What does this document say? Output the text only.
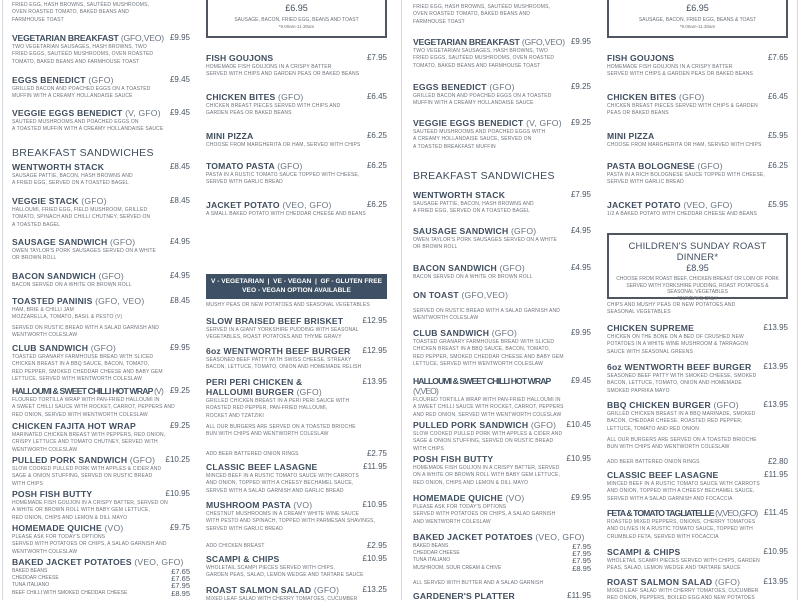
FRIED EGG, HASH BROWNS, SAUTÉED MUSHROOMS,
OVEN ROASTED TOMATO, BAKED BEANS AND
FARMHOUSE TOAST
VEGETARIAN BREAKFAST (GFO,VEO) £9.95
TWO VEGETARIAN SAUSAGES, HASH BROWNS, TWO
FRIED EGGS, SAUTÉED MUSHROOMS, OVEN ROASTED
TOMATO, BAKED BEANS AND FARMHOUSE TOAST
EGGS BENEDICT (GFO)	£9.45
GRILLED BACON AND POACHED EGGS ON A TOASTED
MUFFIN WITH A CREAMY HOLLANDAISE SAUCE
VEGGIE EGGS BENEDICT (V, GFO)	£9.45
SAUTÉED MUSHROOMS AND POACHED EGGS ON
A TOASTED MUFFIN WITH A CREAMY HOLLANDAISE SAUCE
BREAKFAST SANDWICHES
WENTWORTH STACK	£8.45
SAUSAGE PATTIE, BACON, HASH BROWNS AND
A FRIED EGG, SERVED ON A TOASTED BAGEL
VEGGIE STACK (GFO)	£8.45
HALLOUMI, FRIED EGG, FIELD MUSHROOM, GRILLED
TOMATO, SPINACH AND CHILLI CHUTNEY, SERVED ON
A TOASTED BAGEL
SAUSAGE SANDWICH (GFO)	£4.95
OWEN TAYLOR'S PORK SAUSAGES SERVED ON A WHITE
OR BROWN ROLL
BACON SANDWICH (GFO)	£4.95
BACON SERVED ON A WHITE OR BROWN ROLL
TOASTED PANINIS (GFO, VEO)	£8.45
HAM, BRIE & CHILLI JAM
MOZZARELLA, TOMATO, BASIL & PESTO (V)
SERVED ON RUSTIC BREAD WITH A SALAD GARNISH AND
WENTWORTH COLESLAW
CLUB SANDWICH (GFO)	£9.95
TOASTED GRANARY FARMHOUSE BREAD WITH SLICED
CHICKEN BREAST IN A BBQ SAUCE, BACON, TOMATO,
RED PEPPER, SMOKED CHEDDAR CHEESE AND BABY GEM
LETTUCE, SERVED WITH WENTWORTH COLESLAW
HALLOUMI & SWEET CHILLI HOT WRAP (V) £9.25
FLOURED TORTILLA WRAP WITH PAN-FRIED HALLOUMI IN
A SWEET CHILLI SAUCE WITH ROCKET, CARROT, PEPPERS AND
RED ONION, SERVED WITH WENTWORTH COLESLAW
CHICKEN FAJITA HOT WRAP	£9.25
MARINATED CHICKEN BREAST WITH PEPPERS, RED ONION,
CRISPY LETTUCE AND TOMATO CHUTNEY, SERVED WITH
WENTWORTH COLESLAW
PULLED PORK SANDWICH (GFO)	£10.25
SLOW COOKED PULLED PORK WITH APPLES & CIDER AND
SAGE & ONION STUFFING, SERVED ON RUSTIC BREAD
WITH CHIPS
POSH FISH BUTTY	£10.95
HOMEMADE FISH GOUJON IN A CRISPY BATTER, SERVED ON
A WHITE OR BROWN ROLL WITH BABY GEM LETTUCE,
RED ONION, CHIPS AND LEMON & DILL MAYO
HOMEMADE QUICHE (VO)	£9.75
PLEASE ASK FOR TODAY'S OPTIONS
SERVED WITH POTATOES OR CHIPS, A SALAD GARNISH AND
WENTWORTH COLESLAW
BAKED JACKET POTATOES (VEO, GFO)
BAKED BEANS	£7.65
CHEDDAR CHEESE	£7.65
TUNA ITALIANO	£7.95
BEEF CHILLI WITH SMOKED CHEDDAR CHEESE	£8.95
£6.95
SAUSAGE, BACON, FRIED EGG, BEANS AND TOAST
*9.00am-11.30am
V - VEGETARIAN  |  VE - VEGAN  |  GF - GLUTEN FREE
VEO - VEGAN OPTION AVAILABLE
FISH GOUJONS	£7.95
HOMEMADE FISH GOUJONS IN A CRISPY BATTER
SERVED WITH CHIPS AND GARDEN PEAS OR BAKED BEANS
CHICKEN BITES (GFO)	£6.45
CHICKEN BREAST PIECES SERVED WITH CHIPS AND
GARDEN PEAS OR BAKED BEANS
MINI PIZZA	£6.25
CHOOSE FROM MARGHERITA OR HAM, SERVED WITH CHIPS
TOMATO PASTA (GFO)	£6.25
PASTA IN A RUSTIC TOMATO SAUCE TOPPED WITH CHEESE,
SERVED WITH GARLIC BREAD
JACKET POTATO (VEO, GFO)	£6.25
A SMALL BAKED POTATO WITH CHEDDAR CHEESE AND BEANS
MUSHY PEAS OR NEW POTATOES AND SEASONAL VEGETABLES
SLOW BRAISED BEEF BRISKET	£12.95
SERVED IN A GIANT YORKSHIRE PUDDING WITH SEASONAL
VEGETABLES, ROAST POTATOES AND THYME GRAVY
6oz WENTWORTH BEEF BURGER	£12.95
SEASONED BEEF PATTY WITH SWISS CHEESE, STREAKY
BACON, LETTUCE, TOMATO, ONION AND HOMEMADE RELISH
PERI PERI CHICKEN & HALLOUMI BURGER (GFO)
£13.95
GRILLED CHICKEN BREAST IN A PERI PERI SAUCE WITH
ROASTED RED PEPPER, PAN-FRIED HALLOUMI,
ROCKET AND TZATZIKI
ALL OUR BURGERS ARE SERVED ON A TOASTED BRIOCHE
BUN WITH CHIPS AND WENTWORTH COLESLAW
ADD BEER BATTERED ONION RINGS	£2.75
CLASSIC BEEF LASAGNE	£11.95
MINCED BEEF IN A RUSTIC TOMATO SAUCE WITH CARROTS
AND ONION, TOPPED WITH A CHEESY BECHAMEL SAUCE,
SERVED WITH A SALAD GARNISH AND GARLIC BREAD
MUSHROOM PASTA (VO)	£10.95
CHESTNUT MUSHROOMS IN A CREAMY WHITE WINE SAUCE
WITH PESTO AND SPINACH, TOPPED WITH PARMESAN SHAVINGS,
SERVED WITH GARLIC BREAD
ADD CHICKEN BREAST	£2.95
SCAMPI & CHIPS	£10.95
WHOLETAIL SCAMPI PIECES SERVED WITH CHIPS,
GARDEN PEAS, SALAD, LEMON WEDGE AND TARTARE SAUCE
ROAST SALMON SALAD (GFO)	£13.25
MIXED LEAF SALAD WITH CHERRY TOMATOES, CUCUMBER
FRIED EGG, HASH BROWNS, SAUTÉED MUSHROOMS,
OVEN ROASTED TOMATO, BAKED BEANS AND
FARMHOUSE TOAST
VEGETARIAN BREAKFAST (GFO,VEO) £9.95
TWO VEGETARIAN SAUSAGES, HASH BROWNS, TWO
FRIED EGGS, SAUTÉED MUSHROOMS, OVEN ROASTED
TOMATO, BAKED BEANS AND FARMHOUSE TOAST
EGGS BENEDICT (GFO)	£9.25
GRILLED BACON AND POACHED EGGS ON A TOASTED
MUFFIN WITH A CREAMY HOLLANDAISE SAUCE
VEGGIE EGGS BENEDICT (V, GFO)	£9.25
SAUTÉED MUSHROOMS AND POACHED EGGS WITH
A CREAMY HOLLANDAISE SAUCE, SERVED ON
A TOASTED BREAKFAST MUFFIN
BREAKFAST SANDWICHES
WENTWORTH STACK	£7.95
SAUSAGE PATTIE, BACON, HASH BROWNS AND
A FRIED EGG, SERVED ON A TOASTED BAGEL
SAUSAGE SANDWICH (GFO)	£4.95
OWEN TAYLOR'S PORK SAUSAGES SERVED ON A WHITE
OR BROWN ROLL
BACON SANDWICH (GFO)	£4.95
BACON SERVED ON A WHITE OR BROWN ROLL
ON TOAST (GFO,VEO)
SERVED ON RUSTIC BREAD WITH A SALAD GARNISH AND
WENTWORTH COLESLAW
CLUB SANDWICH (GFO)	£9.95
TOASTED GRANARY FARMHOUSE BREAD WITH SLICED
CHICKEN BREAST IN A BBQ SAUCE, BACON, TOMATO,
RED PEPPER, SMOKED CHEDDAR CHEESE AND BABY GEM
LETTUCE, SERVED WITH WENTWORTH COLESLAW
HALLOUMI & SWEET CHILLI HOT WRAP (V,VEO)
£9.45
FLOURED TORTILLA WRAP WITH PAN-FRIED HALLOUMI IN
A SWEET CHILLI SAUCE WITH ROCKET, CARROT, PEPPERS
AND RED ONION, SERVED WITH WENTWORTH COLESLAW
PULLED PORK SANDWICH (GFO)	£10.45
SLOW COOKED PULLED PORK WITH APPLES & CIDER AND
SAGE & ONION STUFFING, SERVED ON RUSTIC BREAD
WITH CHIPS
POSH FISH BUTTY	£10.95
HOMEMADE FISH GOUJON IN A CRISPY BATTER, SERVED
ON A WHITE OR BROWN ROLL WITH BABY GEM LETTUCE,
RED ONION, CHIPS AND LEMON & DILL MAYO
HOMEMADE QUICHE (VO)	£9.95
PLEASE ASK FOR TODAY'S OPTIONS
SERVED WITH POTATOES OR CHIPS, A SALAD GARNISH
AND WENTWORTH COLESLAW
BAKED JACKET POTATOES (VEO, GFO)
BAKED BEANS	£7.95
CHEDDAR CHEESE	£7.95
TUNA ITALIANO	£7.95
MUSHROOM, SOUR CREAM & CHIVE	£8.95
ALL SERVED WITH BUTTER AND A SALAD GARNISH
GARDENER'S PLATTER	£11.95
£6.95
SAUSAGE, BACON, FRIED EGG, BEANS & TOAST
*9.00am-11.30am
CHILDREN'S SUNDAY ROAST DINNER*
£8.95
CHOOSE FROM ROAST BEEF, CHICKEN BREAST OR LOIN OF PORK
SERVED WITH YORKSHIRE PUDDING, ROAST POTATOES &
SEASONAL VEGETABLES
*SUNDAYS ONLY
FISH GOUJONS	£7.65
HOMEMADE FISH GOUJONS IN A CRISPY BATTER
SERVED WITH CHIPS & GARDEN PEAS OR BAKED BEANS
CHICKEN BITES (GFO)	£6.45
CHICKEN BREAST PIECES SERVED WITH CHIPS & GARDEN
PEAS OR BAKED BEANS
MINI PIZZA	£5.95
CHOOSE FROM MARGHERITA OR HAM, SERVED WITH CHIPS
PASTA BOLOGNESE (GFO)	£6.25
PASTA IN A RICH BOLOGNESE SAUCE TOPPED WITH CHEESE,
SERVED WITH GARLIC BREAD
JACKET POTATO (VEO, GFO)	£5.95
1/2 A BAKED POTATO WITH CHEDDAR CHEESE AND BEANS
CHIPS AND MUSHY PEAS OR NEW POTATOES AND
SEASONAL VEGETABLES
CHICKEN SUPREME	£13.95
CHICKEN ON THE BONE ON A BED OF CRUSHED NEW
POTATOES IN A WHITE WINE MUSHROOM & TARRAGON
SAUCE WITH SEASONAL GREENS
6oz WENTWORTH BEEF BURGER	£13.95
SEASONED BEEF PATTY WITH SMOKED CHEESE, SMOKED
BACON, LETTUCE, TOMATO, ONION AND HOMEMADE
SMOKED PAPRIKA MAYO
BBQ CHICKEN BURGER (GFO)	£13.95
GRILLED CHICKEN BREAST IN A BBQ MARINADE, SMOKED
BACON, CHEDDAR CHEESE, ROASTED RED PEPPER,
LETTUCE, TOMATO AND RED ONION
ALL OUR BURGERS ARE SERVED ON A TOASTED BRIOCHE
BUN WITH CHIPS AND WENTWORTH COLESLAW
ADD BEER BATTERED ONION RINGS	£2.80
CLASSIC BEEF LASAGNE	£11.95
MINCED BEEF IN A RUSTIC TOMATO SAUCE WITH CARROTS
AND ONION, TOPPED WITH A CHEESY BECHAMEL SAUCE,
SERVED WITH A SALAD GARNISH AND FOCACCIA
FETA & TOMATO TAGLIATELLE (V,VEO,GFO) £11.45
ROASTED MIXED PEPPERS, ONIONS, CHERRY TOMATOES
AND OLIVES IN A RUSTIC TOMATO SAUCE, TOPPED WITH
CRUMBLED FETA, SERVED WITH FOCACCIA
SCAMPI & CHIPS	£10.95
WHOLETAIL SCAMPI PIECES SERVED WITH CHIPS, GARDEN
PEAS, SALAD, LEMON WEDGE AND TARTARE SAUCE
ROAST SALMON SALAD (GFO)	£13.95
MIXED LEAF SALAD WITH CHERRY TOMATOES, CUCUMBER
RED ONION, PEPPERS, BOILED EGG AND NEW POTATOES
